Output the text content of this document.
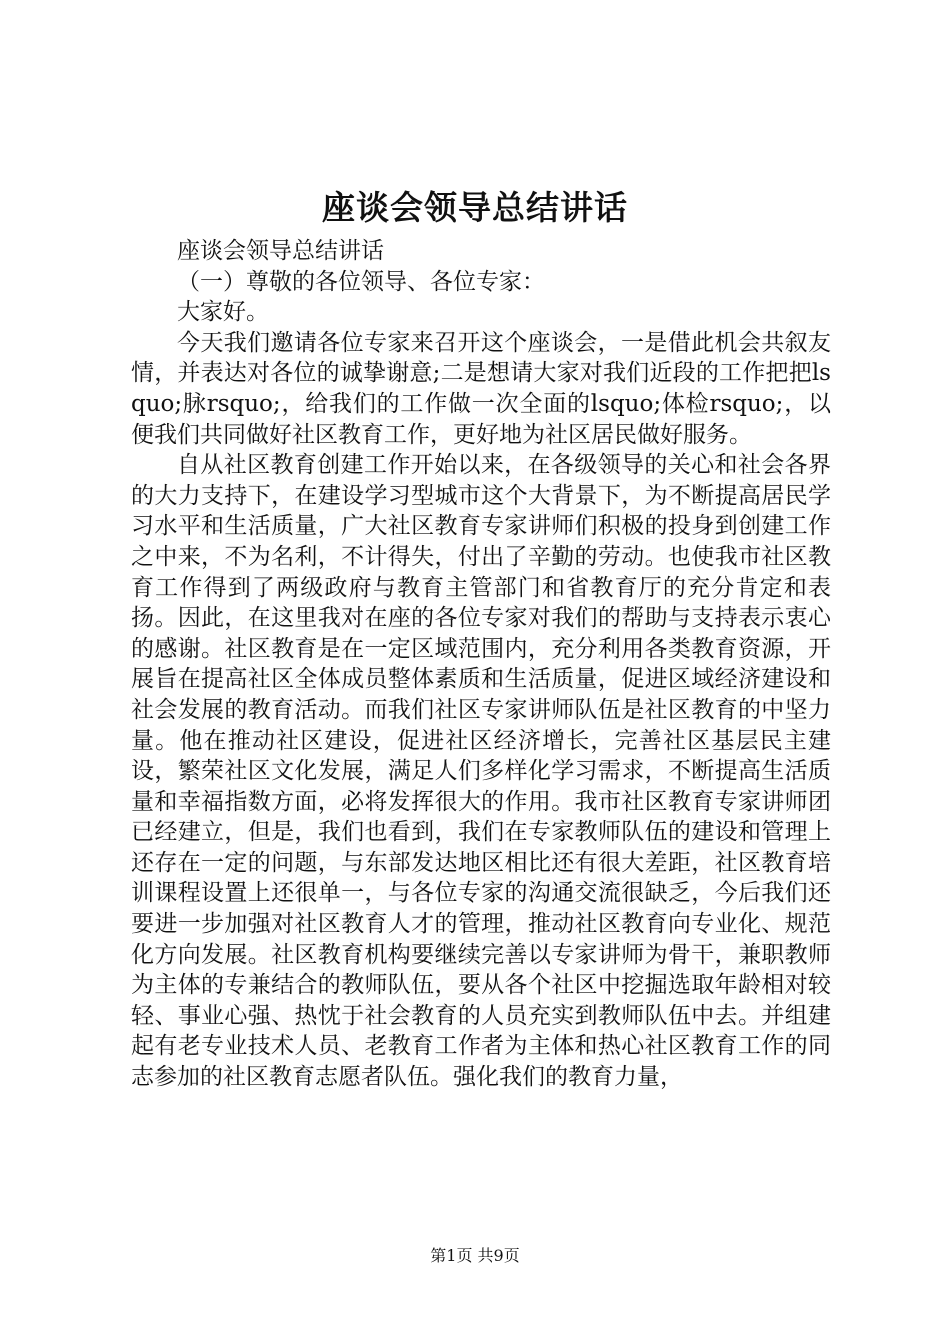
座谈会领导总结讲话

座谈会领导总结讲话

（一）尊敬的各位领导、各位专家：

大家好。

今天我们邀请各位专家来召开这个座谈会，一是借此机会共叙友情，并表达对各位的诚挚谢意;二是想请大家对我们近段的工作把把lsquo;脉rsquo;，给我们的工作做一次全面的lsquo;体检rsquo;，以便我们共同做好社区教育工作，更好地为社区居民做好服务。

自从社区教育创建工作开始以来，在各级领导的关心和社会各界的大力支持下，在建设学习型城市这个大背景下，为不断提高居民学习水平和生活质量，广大社区教育专家讲师们积极的投身到创建工作之中来，不为名利，不计得失，付出了辛勤的劳动。也使我市社区教育工作得到了两级政府与教育主管部门和省教育厅的充分肯定和表扬。因此，在这里我对在座的各位专家对我们的帮助与支持表示衷心的感谢。社区教育是在一定区域范围内，充分利用各类教育资源，开展旨在提高社区全体成员整体素质和生活质量，促进区域经济建设和社会发展的教育活动。而我们社区专家讲师队伍是社区教育的中坚力量。他在推动社区建设，促进社区经济增长，完善社区基层民主建设，繁荣社区文化发展，满足人们多样化学习需求，不断提高生活质量和幸福指数方面，必将发挥很大的作用。我市社区教育专家讲师团已经建立，但是，我们也看到，我们在专家教师队伍的建设和管理上还存在一定的问题，与东部发达地区相比还有很大差距，社区教育培训课程设置上还很单一，与各位专家的沟通交流很缺乏，今后我们还要进一步加强对社区教育人才的管理，推动社区教育向专业化、规范化方向发展。社区教育机构要继续完善以专家讲师为骨干，兼职教师为主体的专兼结合的教师队伍，要从各个社区中挖掘选取年龄相对较轻、事业心强、热忱于社会教育的人员充实到教师队伍中去。并组建起有老专业技术人员、老教育工作者为主体和热心社区教育工作的同志参加的社区教育志愿者队伍。强化我们的教育力量，

第1页 共9页
